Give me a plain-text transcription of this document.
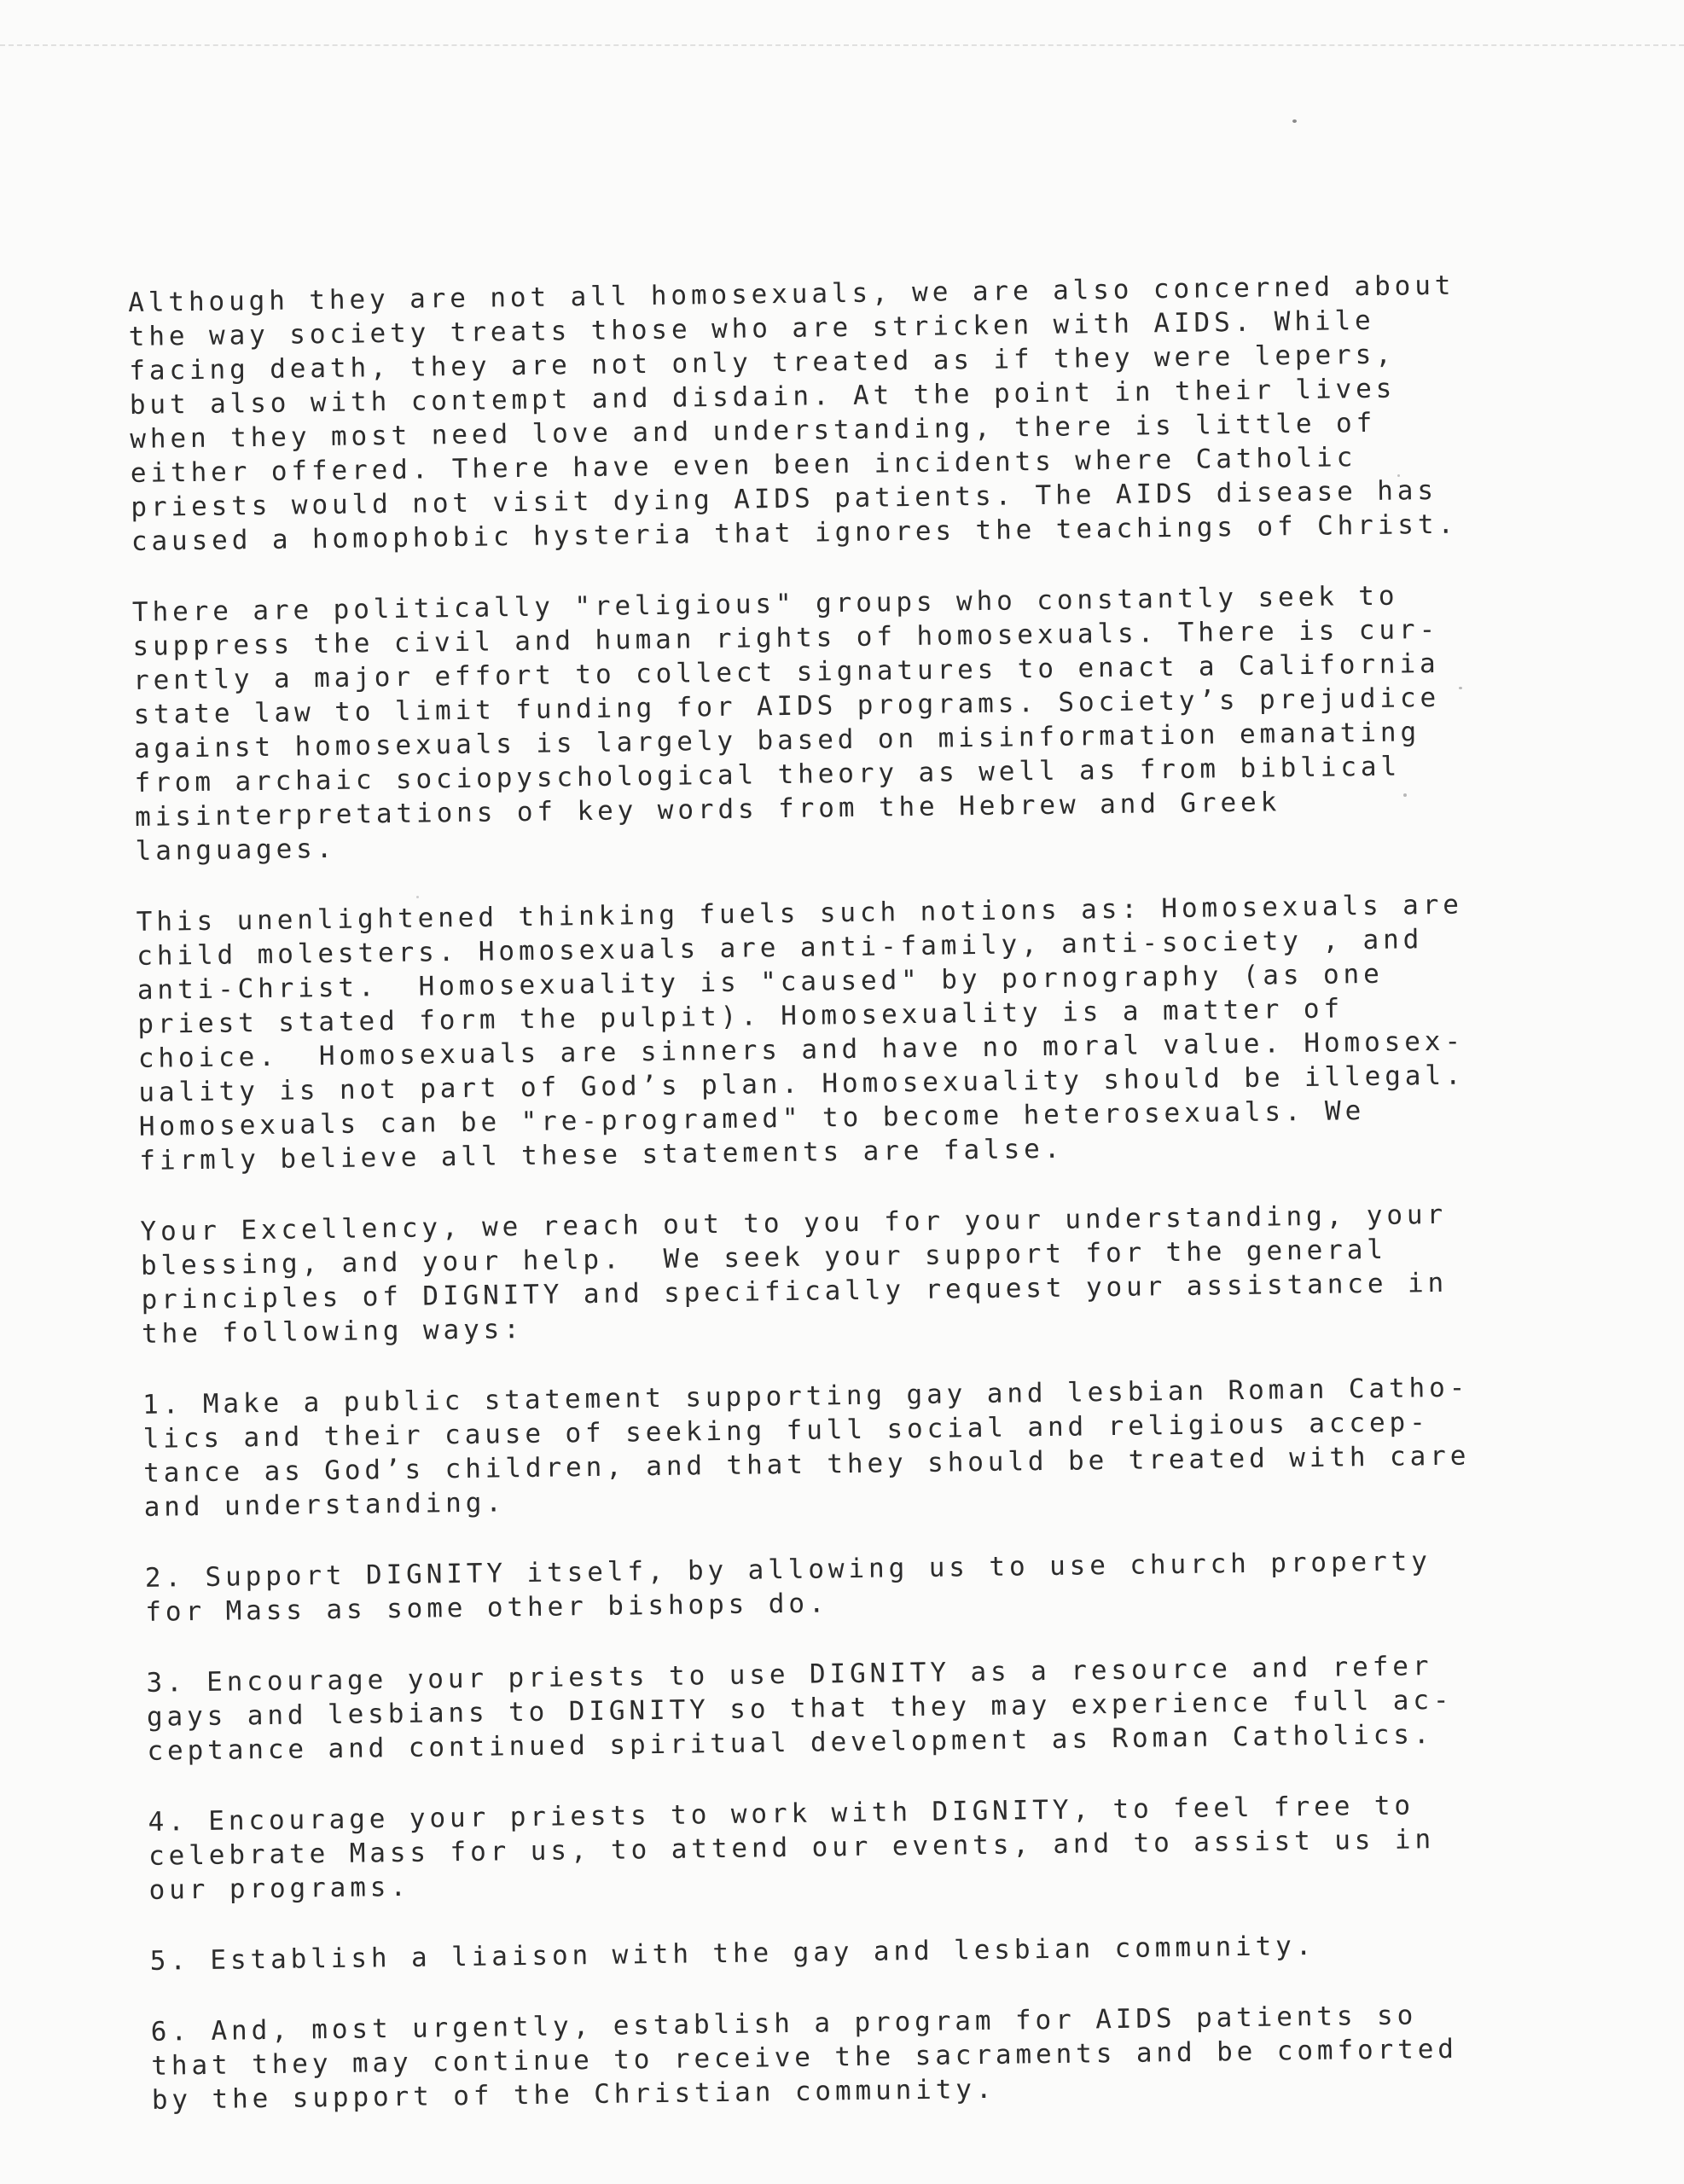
Although they are not all homosexuals, we are also concerned about
the way society treats those who are stricken with AIDS. While
facing death, they are not only treated as if they were lepers,
but also with contempt and disdain. At the point in their lives
when they most need love and understanding, there is little of
either offered. There have even been incidents where Catholic
priests would not visit dying AIDS patients. The AIDS disease has
caused a homophobic hysteria that ignores the teachings of Christ.

There are politically "religious" groups who constantly seek to
suppress the civil and human rights of homosexuals. There is cur-
rently a major effort to collect signatures to enact a California
state law to limit funding for AIDS programs. Society’s prejudice
against homosexuals is largely based on misinformation emanating
from archaic sociopyschological theory as well as from biblical
misinterpretations of key words from the Hebrew and Greek
languages.

This unenlightened thinking fuels such notions as: Homosexuals are
child molesters. Homosexuals are anti-family, anti-society , and
anti-Christ.  Homosexuality is "caused" by pornography (as one
priest stated form the pulpit). Homosexuality is a matter of
choice.  Homosexuals are sinners and have no moral value. Homosex-
uality is not part of God’s plan. Homosexuality should be illegal.
Homosexuals can be "re-programed" to become heterosexuals. We
firmly believe all these statements are false.

Your Excellency, we reach out to you for your understanding, your
blessing, and your help.  We seek your support for the general
principles of DIGNITY and specifically request your assistance in
the following ways:

1. Make a public statement supporting gay and lesbian Roman Catho-
lics and their cause of seeking full social and religious accep-
tance as God’s children, and that they should be treated with care
and understanding.

2. Support DIGNITY itself, by allowing us to use church property
for Mass as some other bishops do.

3. Encourage your priests to use DIGNITY as a resource and refer
gays and lesbians to DIGNITY so that they may experience full ac-
ceptance and continued spiritual development as Roman Catholics.

4. Encourage your priests to work with DIGNITY, to feel free to
celebrate Mass for us, to attend our events, and to assist us in
our programs.

5. Establish a liaison with the gay and lesbian community.

6. And, most urgently, establish a program for AIDS patients so
that they may continue to receive the sacraments and be comforted
by the support of the Christian community.
